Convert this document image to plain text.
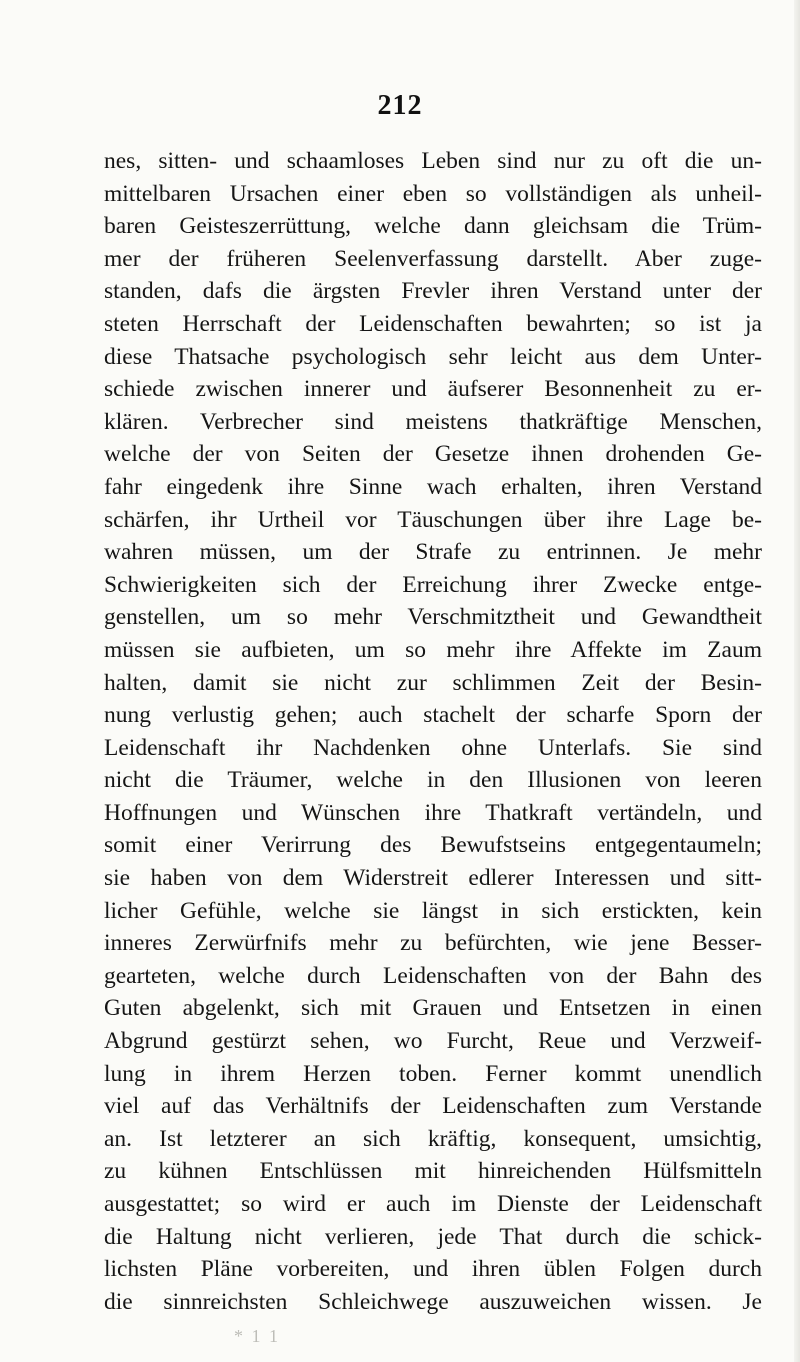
212
nes, sitten- und schaamloses Leben sind nur zu oft die un-
mittelbaren Ursachen einer eben so vollständigen als unheil-
baren Geisteszerrüttung, welche dann gleichsam die Trüm-
mer der früheren Seelenverfassung darstellt. Aber zuge-
standen, dafs die ärgsten Frevler ihren Verstand unter der
steten Herrschaft der Leidenschaften bewahrten; so ist ja
diese Thatsache psychologisch sehr leicht aus dem Unter-
schiede zwischen innerer und äufserer Besonnenheit zu er-
klären. Verbrecher sind meistens thatkräftige Menschen,
welche der von Seiten der Gesetze ihnen drohenden Ge-
fahr eingedenk ihre Sinne wach erhalten, ihren Verstand
schärfen, ihr Urtheil vor Täuschungen über ihre Lage be-
wahren müssen, um der Strafe zu entrinnen. Je mehr
Schwierigkeiten sich der Erreichung ihrer Zwecke entge-
genstellen, um so mehr Verschmitztheit und Gewandtheit
müssen sie aufbieten, um so mehr ihre Affekte im Zaum
halten, damit sie nicht zur schlimmen Zeit der Besin-
nung verlustig gehen; auch stachelt der scharfe Sporn der
Leidenschaft ihr Nachdenken ohne Unterlafs. Sie sind
nicht die Träumer, welche in den Illusionen von leeren
Hoffnungen und Wünschen ihre Thatkraft vertändeln, und
somit einer Verirrung des Bewufstseins entgegentaumeln;
sie haben von dem Widerstreit edlerer Interessen und sitt-
licher Gefühle, welche sie längst in sich erstickten, kein
inneres Zerwürfnifs mehr zu befürchten, wie jene Besser-
gearteten, welche durch Leidenschaften von der Bahn des
Guten abgelenkt, sich mit Grauen und Entsetzen in einen
Abgrund gestürzt sehen, wo Furcht, Reue und Verzweif-
lung in ihrem Herzen toben. Ferner kommt unendlich
viel auf das Verhältnifs der Leidenschaften zum Verstande
an. Ist letzterer an sich kräftig, konsequent, umsichtig,
zu kühnen Entschlüssen mit hinreichenden Hülfsmitteln
ausgestattet; so wird er auch im Dienste der Leidenschaft
die Haltung nicht verlieren, jede That durch die schick-
lichsten Pläne vorbereiten, und ihren üblen Folgen durch
die sinnreichsten Schleichwege auszuweichen wissen. Je
* 1 1
